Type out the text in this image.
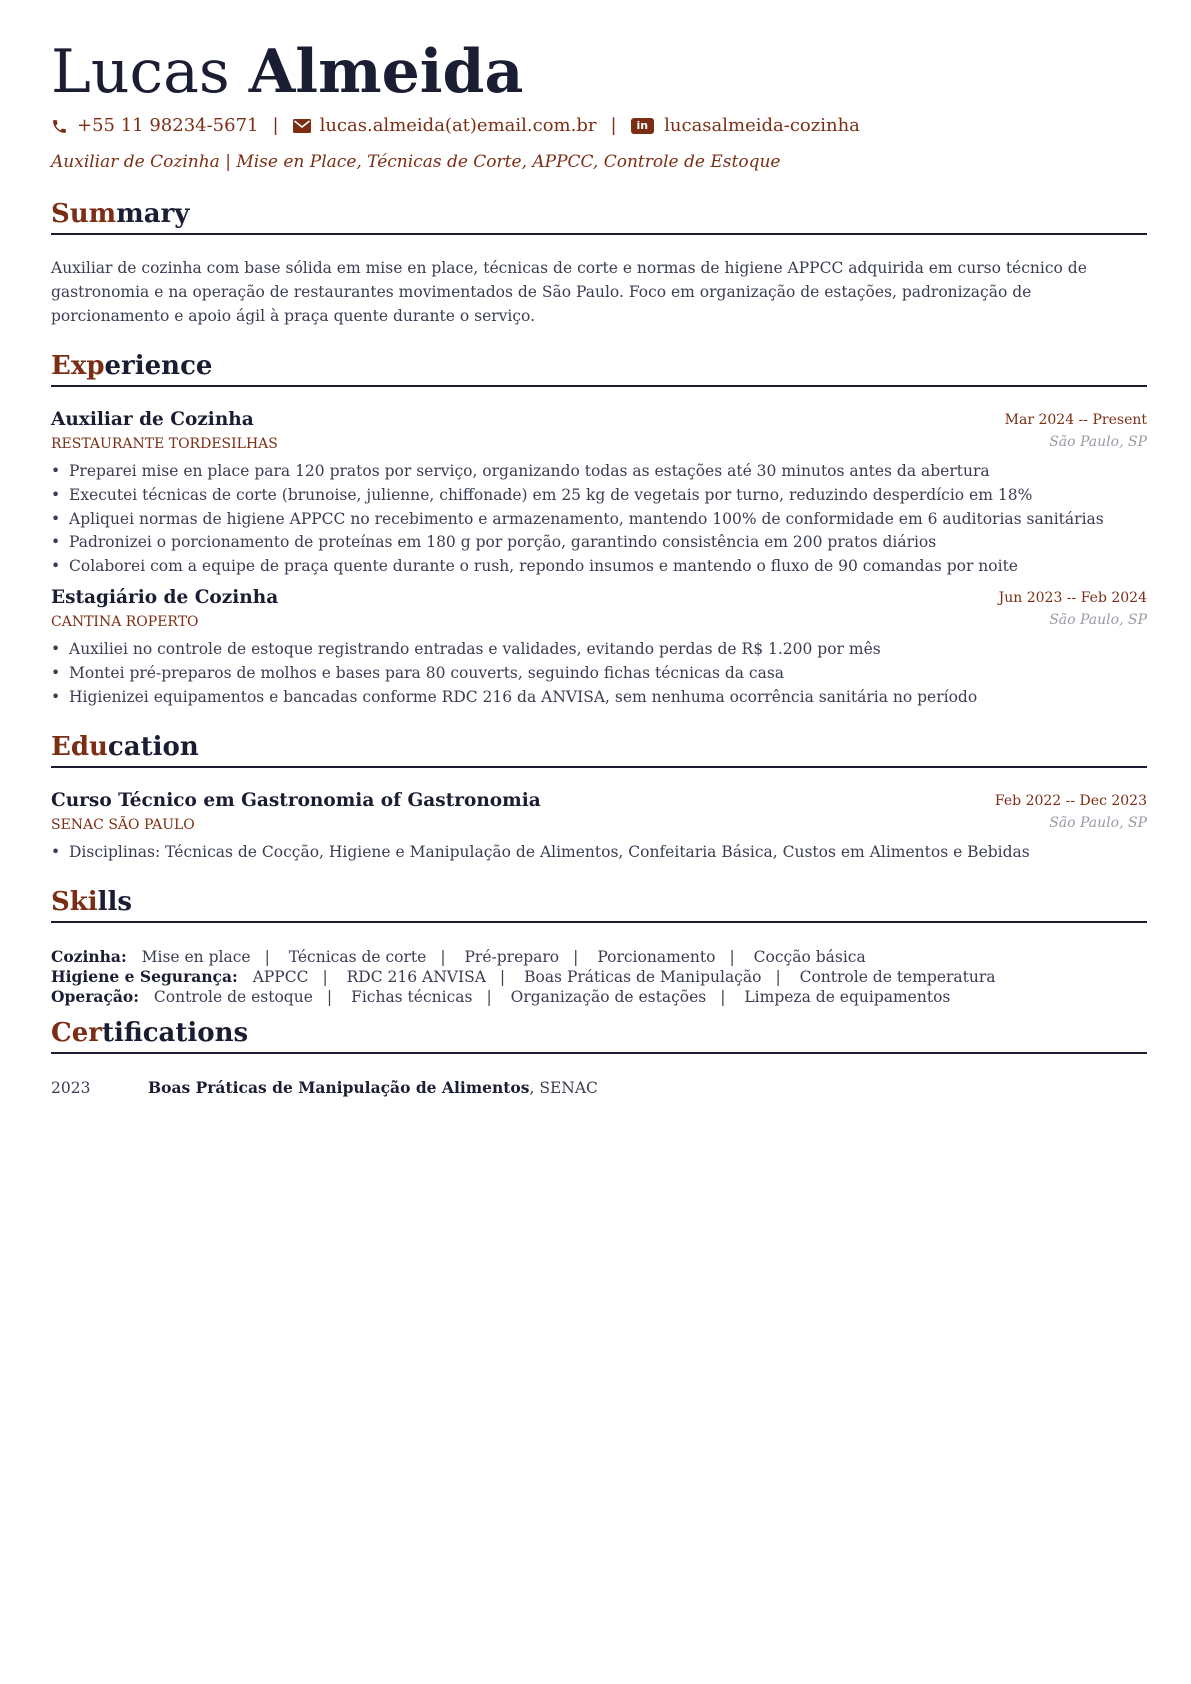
Lucas Almeida
+55 11 98234-5671 | lucas.almeida(at)email.com.br |	in lucasalmeida-cozinha
Auxiliar de Cozinha | Mise en Place, Técnicas de Corte, APPCC, Controle de Estoque
Summary
Auxiliar de cozinha com base sólida em mise en place, técnicas de corte e normas de higiene APPCC adquirida em curso técnico de gastronomia e na operação de restaurantes movimentados de São Paulo. Foco em organização de estações, padronização de porcionamento e apoio ágil à praça quente durante o serviço.
Experience
Auxiliar de Cozinha	Mar 2024 -- Present
RESTAURANTE TORDESILHAS	São Paulo, SP
• Preparei mise en place para 120 pratos por serviço, organizando todas as estações até 30 minutos antes da abertura
• Executei técnicas de corte (brunoise, julienne, chiffonade) em 25 kg de vegetais por turno, reduzindo desperdício em 18%
• Apliquei normas de higiene APPCC no recebimento e armazenamento, mantendo 100% de conformidade em 6 auditorias sanitárias
• Padronizei o porcionamento de proteínas em 180 g por porção, garantindo consistência em 200 pratos diários
• Colaborei com a equipe de praça quente durante o rush, repondo insumos e mantendo o fluxo de 90 comandas por noite
Estagiário de Cozinha	Jun 2023 -- Feb 2024
CANTINA ROPERTO	São Paulo, SP
• Auxiliei no controle de estoque registrando entradas e validades, evitando perdas de R$ 1.200 por mês
• Montei pré-preparos de molhos e bases para 80 couverts, seguindo fichas técnicas da casa
• Higienizei equipamentos e bancadas conforme RDC 216 da ANVISA, sem nenhuma ocorrência sanitária no período
Education
Curso Técnico em Gastronomia of Gastronomia	Feb 2022 -- Dec 2023
SENAC SÃO PAULO	São Paulo, SP
• Disciplinas: Técnicas de Cocção, Higiene e Manipulação de Alimentos, Confeitaria Básica, Custos em Alimentos e Bebidas
Skills
Cozinha: Mise en place | Técnicas de corte | Pré-preparo | Porcionamento | Cocção básica
Higiene e Segurança: APPCC | RDC 216 ANVISA | Boas Práticas de Manipulação | Controle de temperatura
Operação: Controle de estoque | Fichas técnicas | Organização de estações | Limpeza de equipamentos
Certifications
2023	Boas Práticas de Manipulação de Alimentos, SENAC
